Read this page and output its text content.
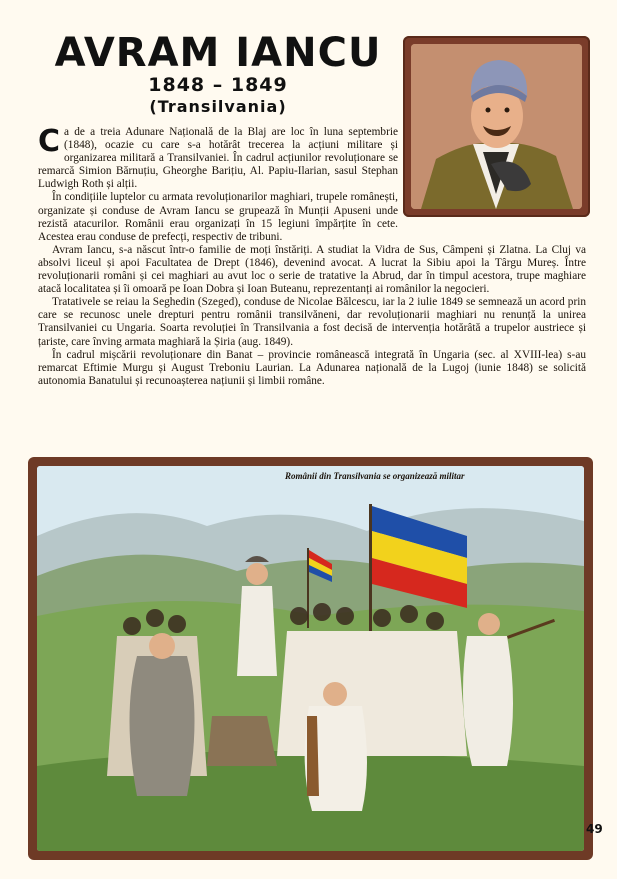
AVRAM IANCU
1848 – 1849
(Transilvania)

Ca de a treia Adunare Națională de la Blaj are loc în luna septembrie (1848), ocazie cu care s-a hotărât trecerea la acțiuni militare și organizarea militară a Transilvaniei. În cadrul acțiunilor revoluționare se remarcă Simion Bărnuțiu, Gheorghe Barițiu, Al. Papiu-Ilarian, sasul Stephan Ludwigh Roth și alții.

În condițiile luptelor cu armata revoluționarilor maghiari, trupele românești, organizate și conduse de Avram Iancu se grupează în Munții Apuseni unde rezistă atacurilor. Românii erau organizați în 15 legiuni împărțite în cete. Acestea erau conduse de prefecți, respectiv de tribuni.

Avram Iancu, s-a născut într-o familie de moți înstăriți. A studiat la Vidra de Sus, Câmpeni și Zlatna. La Cluj va absolvi liceul și apoi Facultatea de Drept (1846), devenind avocat. A lucrat la Sibiu apoi la Târgu Mureș. Între revoluționarii români și cei maghiari au avut loc o serie de tratative la Abrud, dar în timpul acestora, trupe maghiare atacă localitatea și îi omoară pe Ioan Dobra și Ioan Buteanu, reprezentanți ai românilor la negocieri.

Tratativele se reiau la Seghedin (Szeged), conduse de Nicolae Bălcescu, iar la 2 iulie 1849 se semnează un acord prin care se recunosc unele drepturi pentru românii transilvăneni, dar revoluționarii maghiari nu renunță la unirea Transilvaniei cu Ungaria. Soarta revoluției în Transilvania a fost decisă de intervenția hotărâtă a trupelor austriece și țariste, care înving armata maghiară la Șiria (aug. 1849).

În cadrul mișcării revoluționare din Banat – provincie românească integrată în Ungaria (sec. al XVIII-lea) s-au remarcat Eftimie Murgu și August Treboniu Laurian. La Adunarea națională de la Lugoj (iunie 1848) se solicită autonomia Banatului și recunoașterea națiunii și limbii române.

Românii din Transilvania se organizează militar
49
